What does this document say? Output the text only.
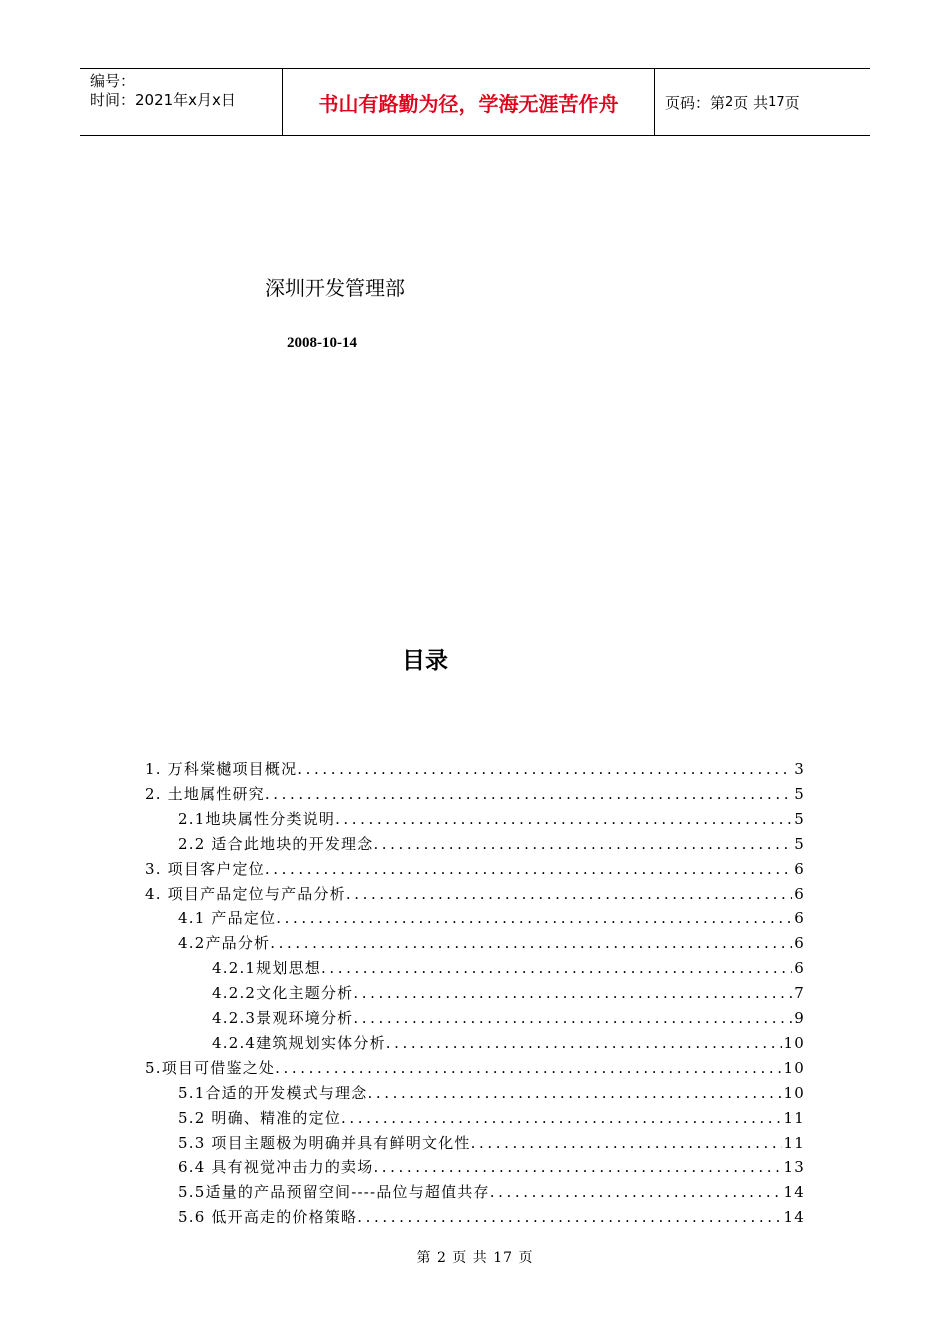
编号：
时间：2021年x月x日	书山有路勤为径，学海无涯苦作舟	页码：第 2 页 共 17 页
深圳开发管理部
2008-10-14
目录
1. 万科棠樾项目概况 .....	3
2. 土地属性研究 .....	5
2.1地块属性分类说明 .....	5
2.2 适合此地块的开发理念 .....	5
3. 项目客户定位 .....	6
4. 项目产品定位与产品分析 .....	6
4.1 产品定位 .....	6
4.2产品分析 .....	6
4.2.1规划思想 .....	6
4.2.2文化主题分析 .....	7
4.2.3景观环境分析 .....	9
4.2.4建筑规划实体分析 .....	10
5.项目可借鉴之处 .....	10
5.1合适的开发模式与理念 .....	10
5.2 明确、精准的定位 .....	11
5.3 项目主题极为明确并具有鲜明文化性 .....	11
6.4 具有视觉冲击力的卖场 .....	13
5.5适量的产品预留空间----品位与超值共存 .....	14
5.6 低开高走的价格策略 .....	14
第 2 页 共 17 页
